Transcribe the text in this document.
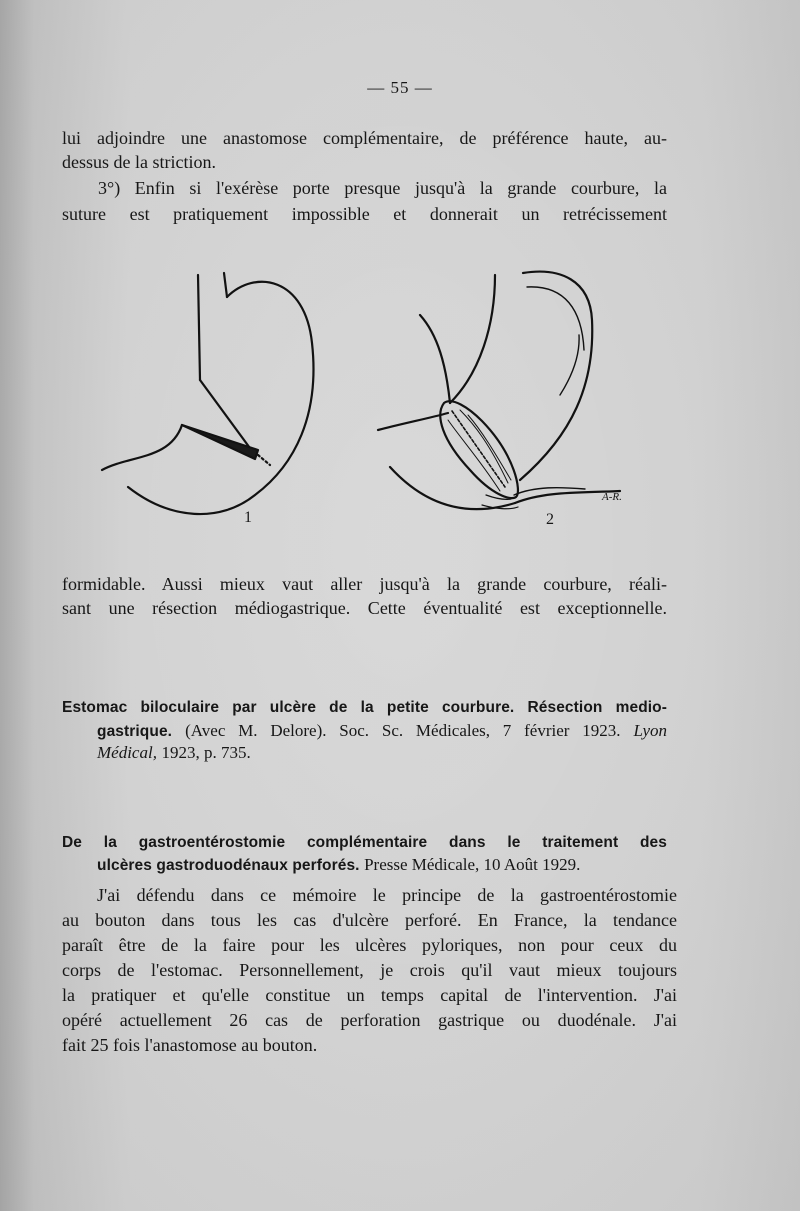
— 55 —
lui adjoindre une anastomose complémentaire, de préférence haute, au-
dessus de la striction.
3°) Enfin si l'exérèse porte presque jusqu'à la grande courbure, la
suture est pratiquement impossible et donnerait un retrécissement
1	2
A-R.
formidable. Aussi mieux vaut aller jusqu'à la grande courbure, réali-
sant une résection médiogastrique. Cette éventualité est exceptionnelle.
Estomac biloculaire par ulcère de la petite courbure. Résection medio-
gastrique. (Avec M. Delore). Soc. Sc. Médicales, 7 février 1923. Lyon
Médical, 1923, p. 735.
De la gastroentérostomie complémentaire dans le traitement des
ulcères gastroduodénaux perforés. Presse Médicale, 10 Août 1929.
J'ai défendu dans ce mémoire le principe de la gastroentérostomie
au bouton dans tous les cas d'ulcère perforé. En France, la tendance
paraît être de la faire pour les ulcères pyloriques, non pour ceux du
corps de l'estomac. Personnellement, je crois qu'il vaut mieux toujours
la pratiquer et qu'elle constitue un temps capital de l'intervention. J'ai
opéré actuellement 26 cas de perforation gastrique ou duodénale. J'ai
fait 25 fois l'anastomose au bouton.
